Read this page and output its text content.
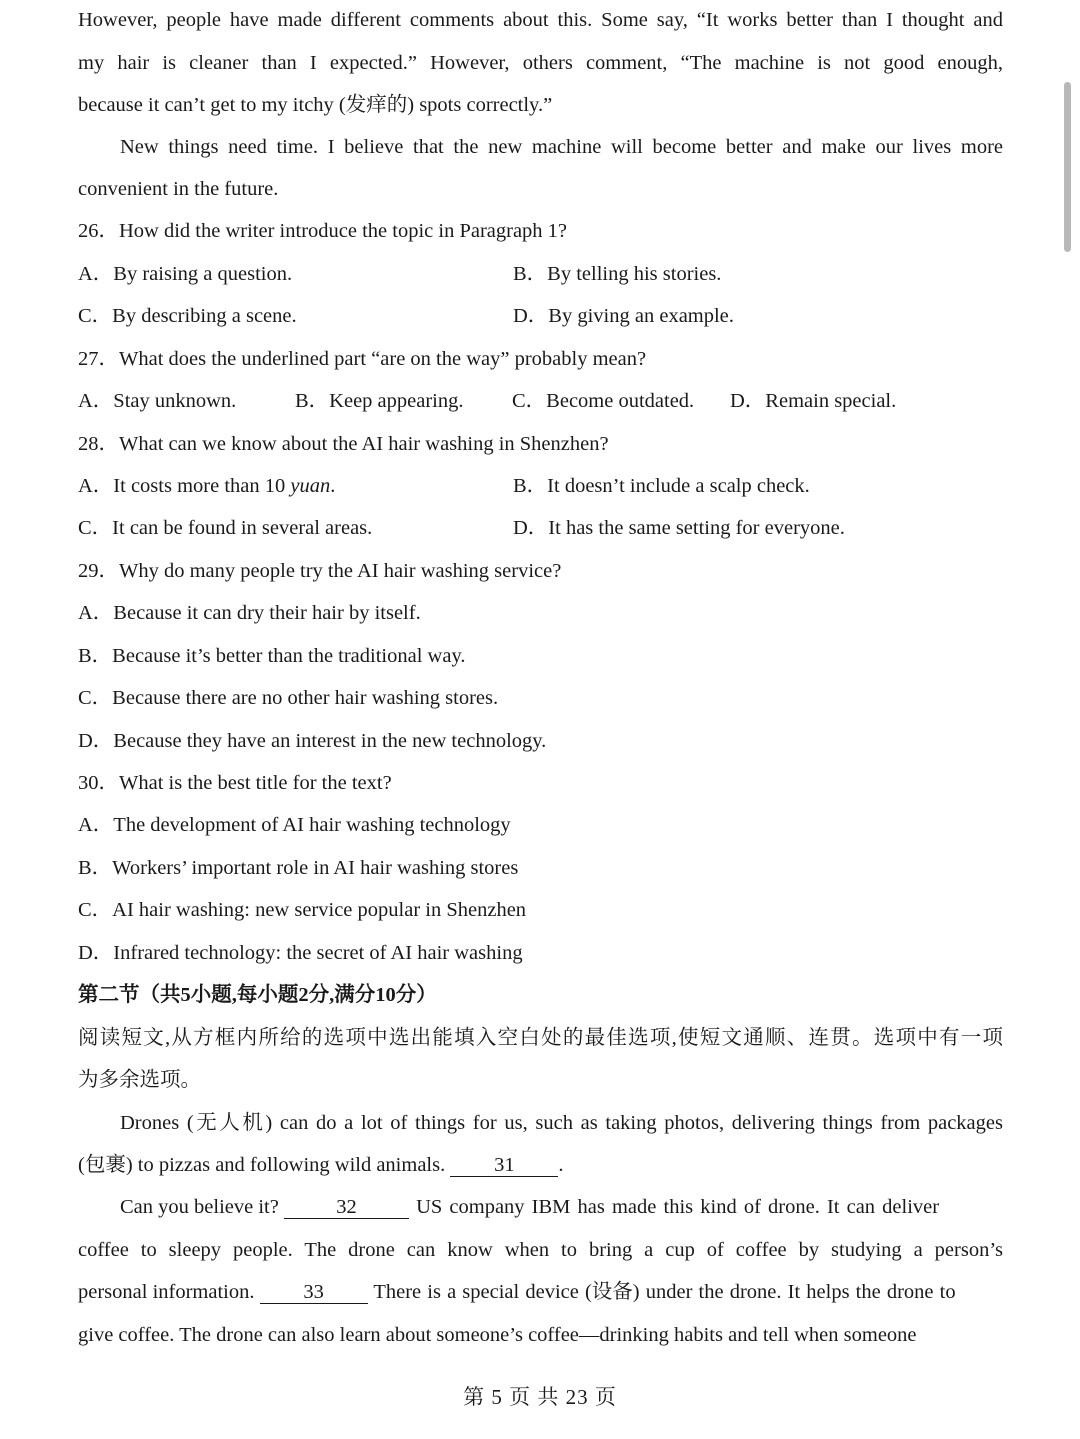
However, people have made different comments about this. Some say, “It works better than I thought and
my hair is cleaner than I expected.” However, others comment, “The machine is not good enough,
because it can’t get to my itchy (发痒的) spots correctly.”
New things need time. I believe that the new machine will become better and make our lives more
convenient in the future.
26．How did the writer introduce the topic in Paragraph 1?
A．By raising a question.	B．By telling his stories.
C．By describing a scene.	D．By giving an example.
27．What does the underlined part “are on the way” probably mean?
A．Stay unknown.	B．Keep appearing. C．Become outdated. D．Remain special.
28．What can we know about the AI hair washing in Shenzhen?
A．It costs more than 10 yuan.	B．It doesn’t include a scalp check.
C．It can be found in several areas.	D．It has the same setting for everyone.
29．Why do many people try the AI hair washing service?
A．Because it can dry their hair by itself.
B．Because it’s better than the traditional way.
C．Because there are no other hair washing stores.
D．Because they have an interest in the new technology.
30．What is the best title for the text?
A．The development of AI hair washing technology
B．Workers’ important role in AI hair washing stores
C．AI hair washing: new service popular in Shenzhen
D．Infrared technology: the secret of AI hair washing
第二节（共5小题,每小题2分,满分10分）
阅读短文,从方框内所给的选项中选出能填入空白处的最佳选项,使短文通顺、连贯。选项中有一项
为多余选项。
Drones (无人机) can do a lot of things for us, such as taking photos, delivering things from packages
(包裹) to pizzas and following wild animals. 31 .
Can you believe it?	32	US company IBM has made this kind of drone. It can deliver
coffee to sleepy people. The drone can know when to bring a cup of coffee by studying a person’s
personal information. 33 There is a special device (设备) under the drone. It helps the drone to
give coffee. The drone can also learn about someone’s coffee—drinking habits and tell when someone
第 5 页 共 23 页
